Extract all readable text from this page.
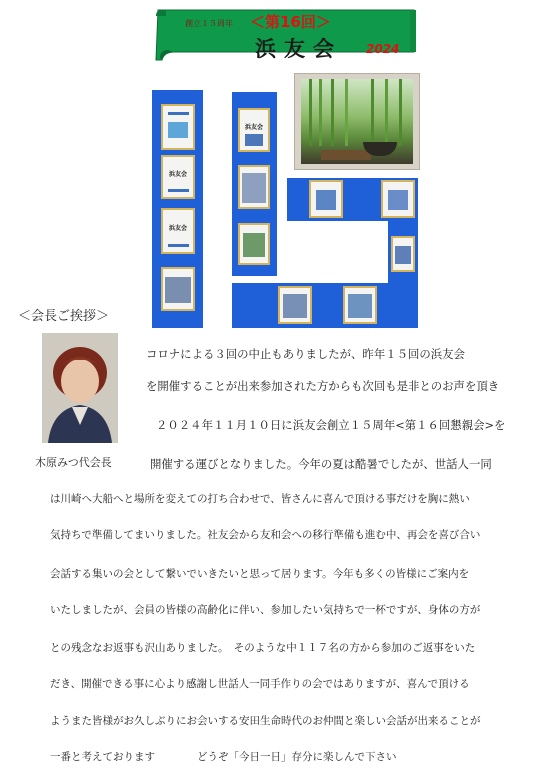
創立１５周年 ＜第16回＞
浜友会 2024
浜友会
浜友会
浜友会
＜会長ご挨拶＞
木原みつ代会長
コロナによる３回の中止もありましたが、昨年１５回の浜友会
を開催することが出来参加された方からも次回も是非とのお声を頂き
２０２４年１１月１０日に浜友会創立１５周年<第１６回懇親会>を
開催する運びとなりました。今年の夏は酷暑でしたが、世話人一同
は川崎へ大船へと場所を変えての打ち合わせで、皆さんに喜んで頂ける事だけを胸に熱い
気持ちで準備してまいりました。社友会から友和会への移行準備も進む中、再会を喜び合い
会話する集いの会として繋いでいきたいと思って居ります。今年も多くの皆様にご案内を
いたしましたが、会員の皆様の高齢化に伴い、参加したい気持ちで一杯ですが、身体の方が
との残念なお返事も沢山ありました。　そのような中１１７名の方から参加のご返事をいた
だき、開催できる事に心より感謝し世話人一同手作りの会ではありますが、喜んで頂ける
ようまた皆様がお久しぶりにお会いする安田生命時代のお仲間と楽しい会話が出来ることが
一番と考えております　　　　どうぞ「今日一日」存分に楽しんで下さい
